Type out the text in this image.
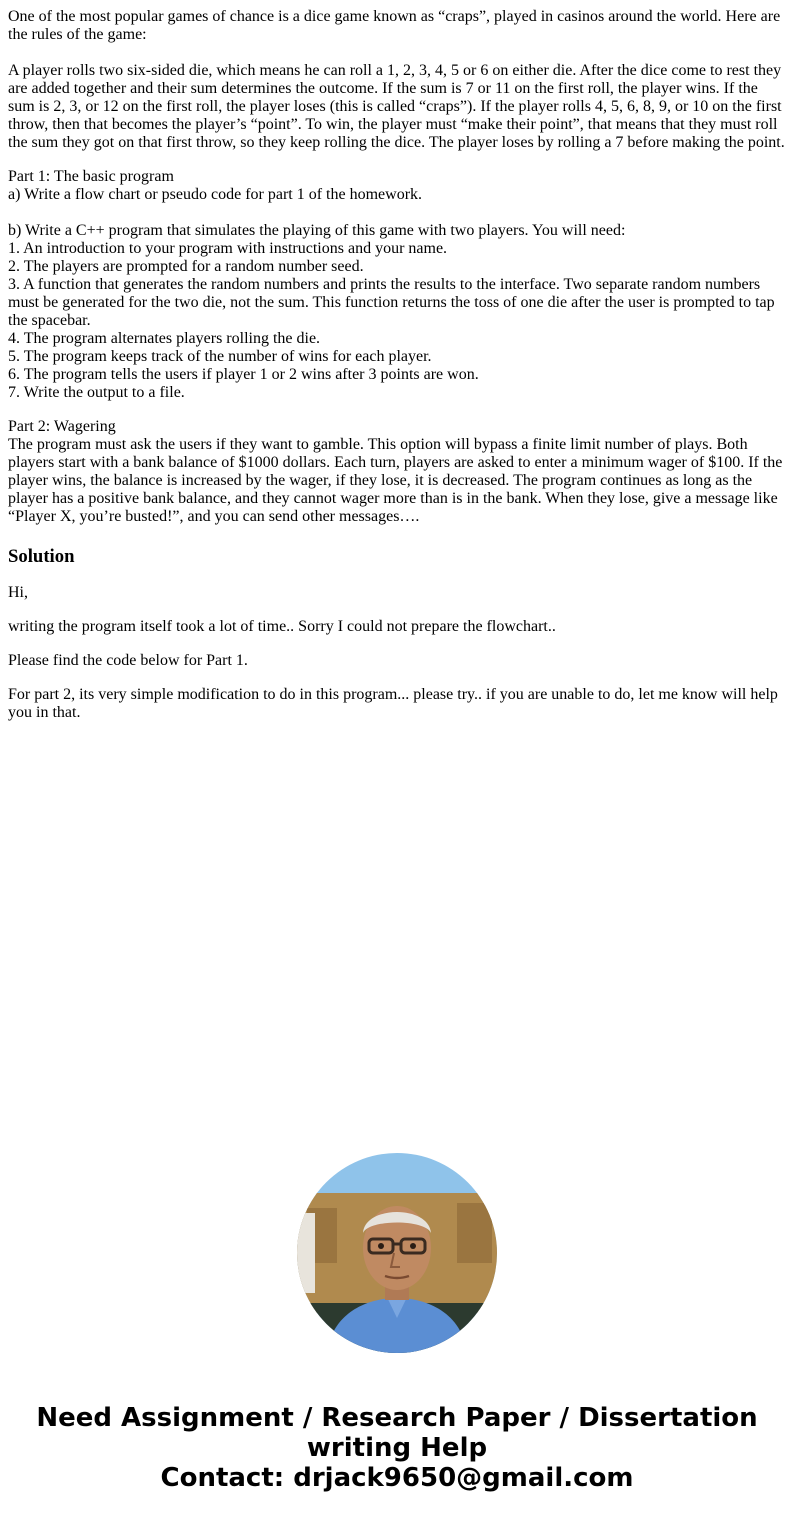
One of the most popular games of chance is a dice game known as “craps”, played in casinos around the world. Here are the rules of the game:

A player rolls two six-sided die, which means he can roll a 1, 2, 3, 4, 5 or 6 on either die. After the dice come to rest they are added together and their sum determines the outcome. If the sum is 7 or 11 on the first roll, the player wins. If the sum is 2, 3, or 12 on the first roll, the player loses (this is called “craps”). If the player rolls 4, 5, 6, 8, 9, or 10 on the first throw, then that becomes the player’s “point”. To win, the player must “make their point”, that means that they must roll the sum they got on that first throw, so they keep rolling the dice. The player loses by rolling a 7 before making the point.

Part 1: The basic program

a) Write a flow chart or pseudo code for part 1 of the homework.

b) Write a C++ program that simulates the playing of this game with two players. You will need:

1. An introduction to your program with instructions and your name.
2. The players are prompted for a random number seed.
3. A function that generates the random numbers and prints the results to the interface. Two separate random numbers must be generated for the two die, not the sum. This function returns the toss of one die after the user is prompted to tap the spacebar.
4. The program alternates players rolling the die.
5. The program keeps track of the number of wins for each player.
6. The program tells the users if player 1 or 2 wins after 3 points are won.
7. Write the output to a file.

Part 2: Wagering

The program must ask the users if they want to gamble. This option will bypass a finite limit number of plays. Both players start with a bank balance of $1000 dollars. Each turn, players are asked to enter a minimum wager of $100. If the player wins, the balance is increased by the wager, if they lose, it is decreased. The program continues as long as the player has a positive bank balance, and they cannot wager more than is in the bank. When they lose, give a message like “Player X, you’re busted!”, and you can send other messages….

Solution

Hi,

writing the program itself took a lot of time.. Sorry I could not prepare the flowchart..

Please find the code below for Part 1.

For part 2, its very simple modification to do in this program... please try.. if you are unable to do, let me know will help you in that.

Need Assignment / Research Paper / Dissertation
writing Help
Contact: drjack9650@gmail.com
